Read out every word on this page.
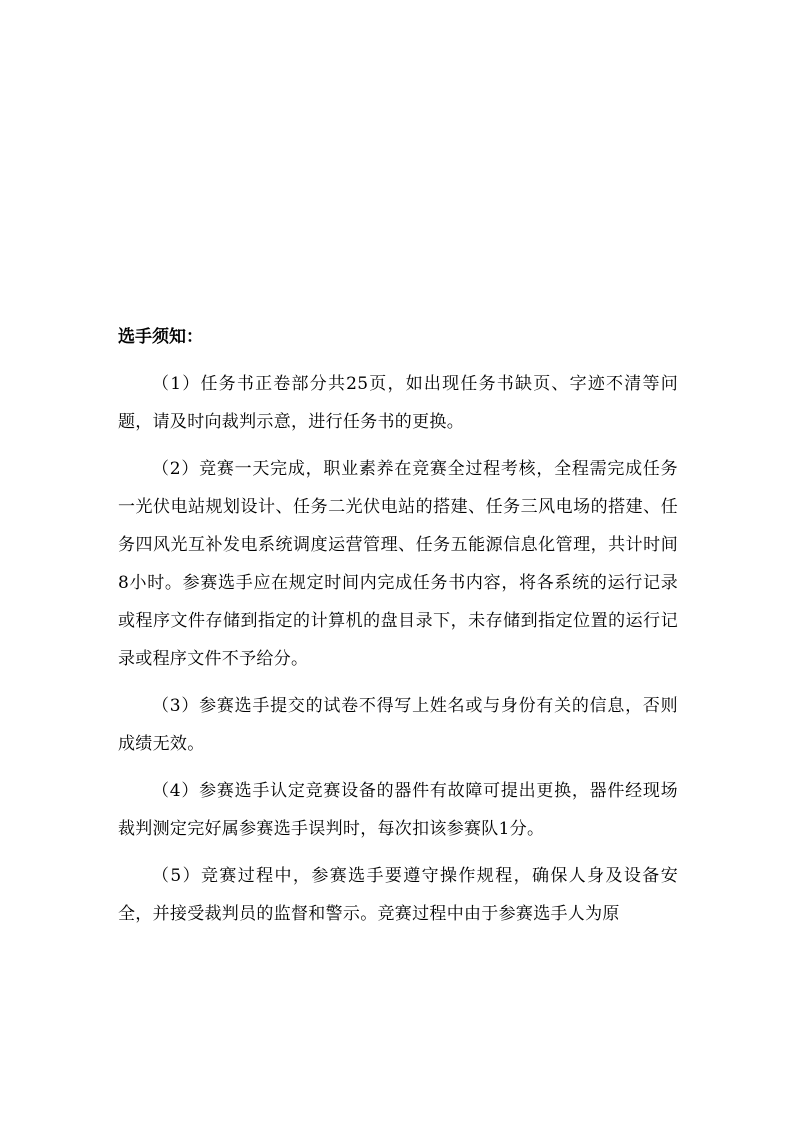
选手须知：

（1）任务书正卷部分共25页，如出现任务书缺页、字迹不清等问题，请及时向裁判示意，进行任务书的更换。

（2）竞赛一天完成，职业素养在竞赛全过程考核，全程需完成任务一光伏电站规划设计、任务二光伏电站的搭建、任务三风电场的搭建、任务四风光互补发电系统调度运营管理、任务五能源信息化管理，共计时间8小时。参赛选手应在规定时间内完成任务书内容，将各系统的运行记录或程序文件存储到指定的计算机的盘目录下，未存储到指定位置的运行记录或程序文件不予给分。

（3）参赛选手提交的试卷不得写上姓名或与身份有关的信息，否则成绩无效。

（4）参赛选手认定竞赛设备的器件有故障可提出更换，器件经现场裁判测定完好属参赛选手误判时，每次扣该参赛队1分。

（5）竞赛过程中，参赛选手要遵守操作规程，确保人身及设备安全，并接受裁判员的监督和警示。竞赛过程中由于参赛选手人为原
